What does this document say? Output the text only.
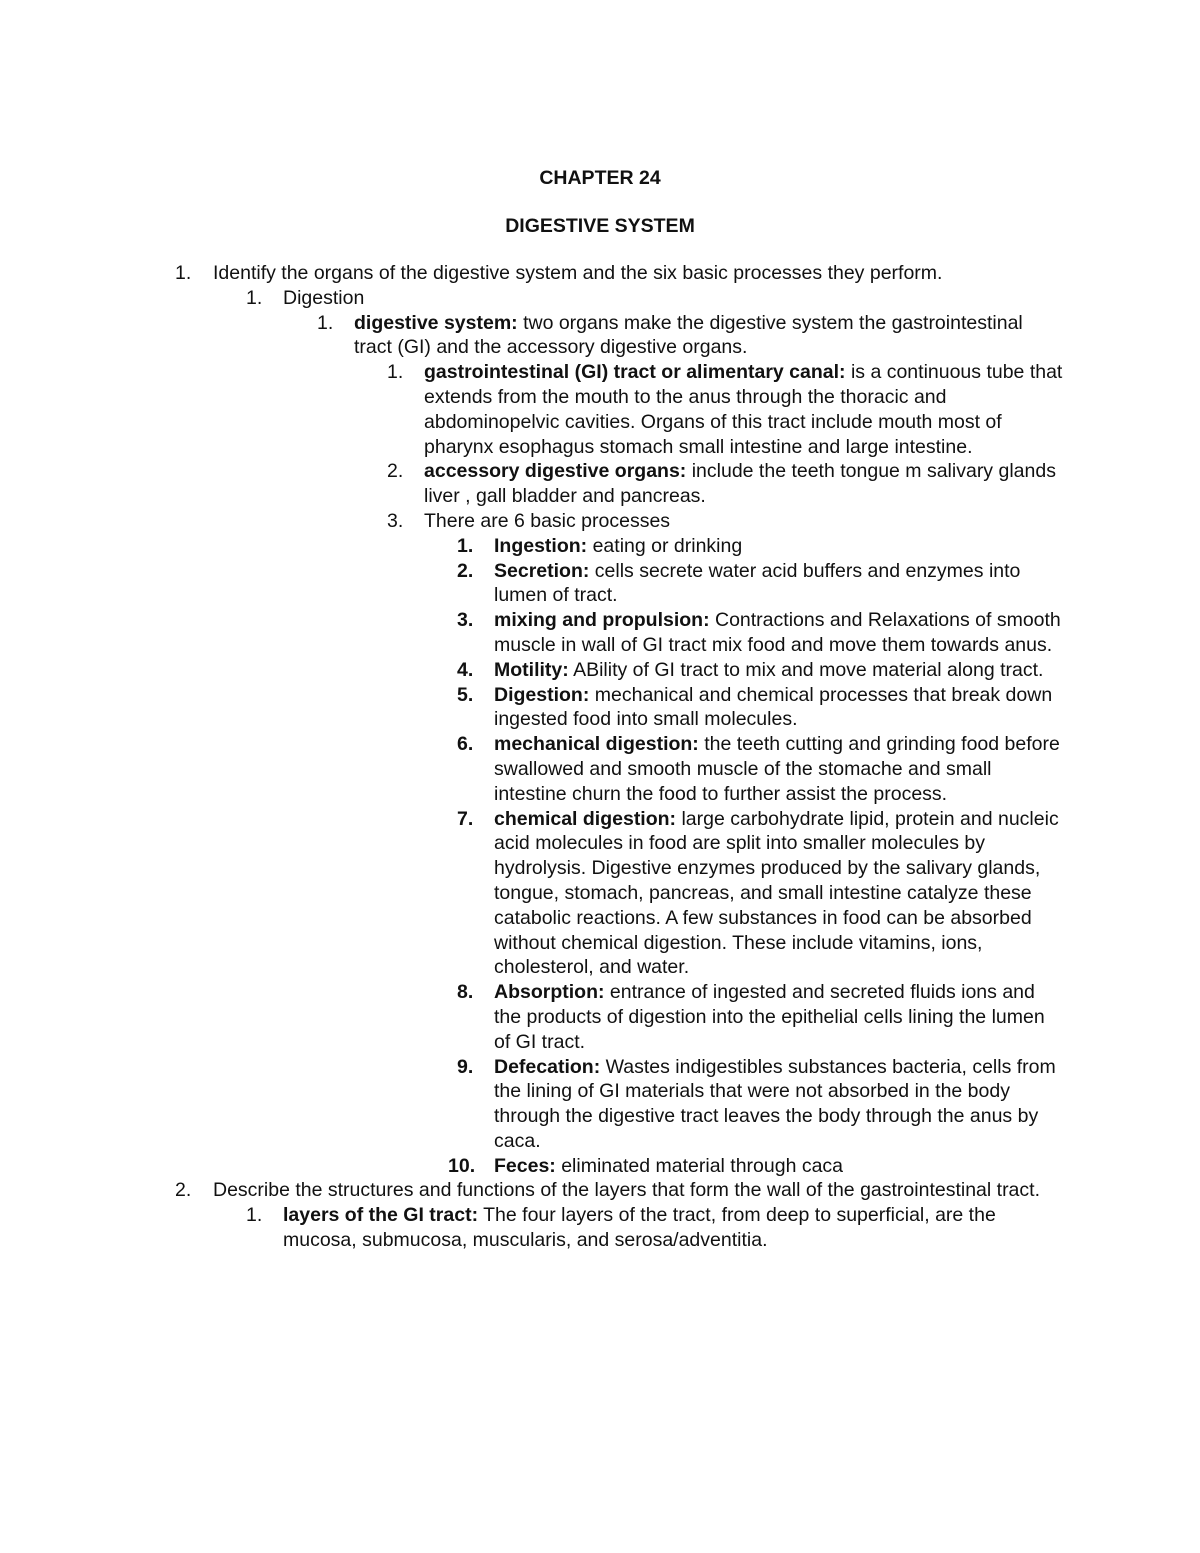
CHAPTER 24
DIGESTIVE SYSTEM
1.	Identify the organs of the digestive system and the six basic processes they perform.
1.	Digestion
1.	digestive system: two organs make the digestive system the gastrointestinal tract (GI) and the accessory digestive organs.
1.	gastrointestinal (GI) tract or alimentary canal: is a continuous tube that extends from the mouth to the anus through the thoracic and abdominopelvic cavities. Organs of this tract include mouth most of pharynx esophagus stomach small intestine and large intestine.
2.	accessory digestive organs: include the teeth tongue m salivary glands liver , gall bladder and pancreas.
3.	There are 6 basic processes
1.	Ingestion: eating or drinking
2.	Secretion: cells secrete water acid buffers and enzymes into lumen of tract.
3.	mixing and propulsion: Contractions and Relaxations of smooth muscle in wall of GI tract mix food and move them towards anus.
4.	Motility: ABility of GI tract to mix and move material along tract.
5.	Digestion: mechanical and chemical processes that break down ingested food into small molecules.
6.	mechanical digestion: the teeth cutting and grinding food before swallowed and smooth muscle of the stomache and small intestine churn the food to further assist the process.
7.	chemical digestion: large carbohydrate lipid, protein and nucleic acid molecules in food are split into smaller molecules by hydrolysis. Digestive enzymes produced by the salivary glands, tongue, stomach, pancreas, and small intestine catalyze these catabolic reactions. A few substances in food can be absorbed without chemical digestion. These include vitamins, ions, cholesterol, and water.
8.	Absorption: entrance of ingested and secreted fluids ions and the products of digestion into the epithelial cells lining the lumen of GI tract.
9.	Defecation: Wastes indigestibles substances bacteria, cells from the lining of GI materials that were not absorbed in the body through the digestive tract leaves the body through the anus by caca.
10. Feces: eliminated material through caca
2.	Describe the structures and functions of the layers that form the wall of the gastrointestinal tract.
1.	layers of the GI tract: The four layers of the tract, from deep to superficial, are the mucosa, submucosa, muscularis, and serosa/adventitia.
